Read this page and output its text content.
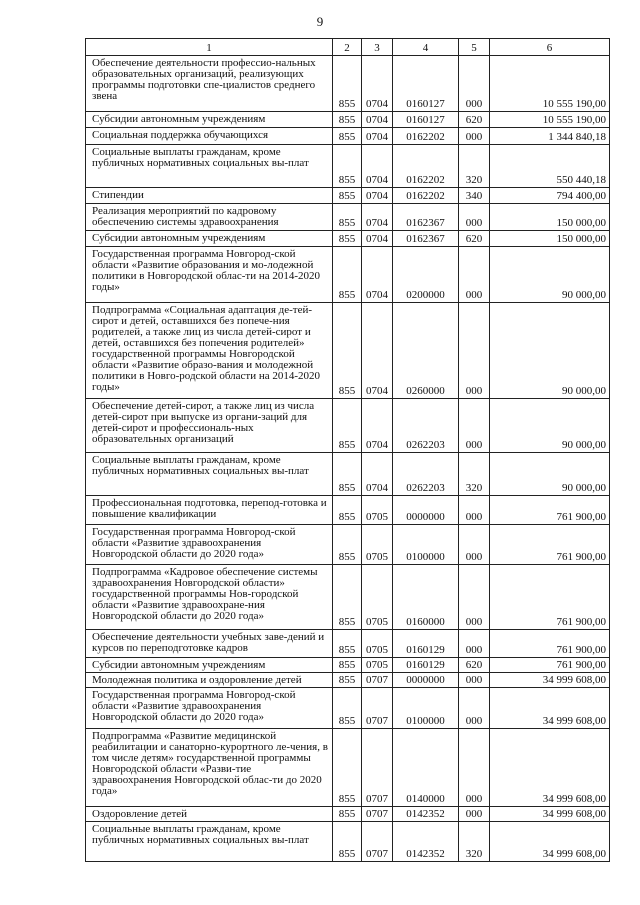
9
1	2	3	4	5	6
Обеспечение деятельности профессио-нальных образовательных организаций, реализующих программы подготовки спе-циалистов среднего звена	855	0704	0160127	000	10 555 190,00
Субсидии автономным учреждениям	855	0704	0160127	620	10 555 190,00
Социальная поддержка обучающихся	855	0704	0162202	000	1 344 840,18
Социальные выплаты гражданам, кроме публичных нормативных социальных вы-плат	855	0704	0162202	320	550 440,18
Стипендии	855	0704	0162202	340	794 400,00
Реализация мероприятий по кадровому обеспечению системы здравоохранения	855	0704	0162367	000	150 000,00
Субсидии автономным учреждениям	855	0704	0162367	620	150 000,00
Государственная программа Новгород-ской области «Развитие образования и мо-лодежной политики в Новгородской облас-ти на 2014-2020 годы»	855	0704	0200000	000	90 000,00
Подпрограмма «Социальная адаптация де-тей-сирот и детей, оставшихся без попече-ния родителей, а также лиц из числа детей-сирот и детей, оставшихся без попечения родителей» государственной программы Новгородской области «Развитие образо-вания и молодежной политики в Новго-родской области на 2014-2020 годы»	855	0704	0260000	000	90 000,00
Обеспечение детей-сирот, а также лиц из числа детей-сирот при выпуске из органи-заций для детей-сирот и профессиональ-ных образовательных организаций	855	0704	0262203	000	90 000,00
Социальные выплаты гражданам, кроме публичных нормативных социальных вы-плат	855	0704	0262203	320	90 000,00
Профессиональная подготовка, перепод-готовка и повышение квалификации	855	0705	0000000	000	761 900,00
Государственная программа Новгород-ской области «Развитие здравоохранения Новгородской области до 2020 года»	855	0705	0100000	000	761 900,00
Подпрограмма «Кадровое обеспечение системы здравоохранения Новгородской области» государственной программы Нов-городской области «Развитие здравоохране-ния Новгородской области до 2020 года»	855	0705	0160000	000	761 900,00
Обеспечение деятельности учебных заве-дений и курсов по переподготовке кадров	855	0705	0160129	000	761 900,00
Субсидии автономным учреждениям	855	0705	0160129	620	761 900,00
Молодежная политика и оздоровление детей	855	0707	0000000	000	34 999 608,00
Государственная программа Новгород-ской области «Развитие здравоохранения Новгородской области до 2020 года»	855	0707	0100000	000	34 999 608,00
Подпрограмма «Развитие медицинской реабилитации и санаторно-курортного ле-чения, в том числе детям» государственной программы Новгородской области «Разви-тие здравоохранения Новгородской облас-ти до 2020 года»	855	0707	0140000	000	34 999 608,00
Оздоровление детей	855	0707	0142352	000	34 999 608,00
Социальные выплаты гражданам, кроме публичных нормативных социальных вы-плат	855	0707	0142352	320	34 999 608,00
